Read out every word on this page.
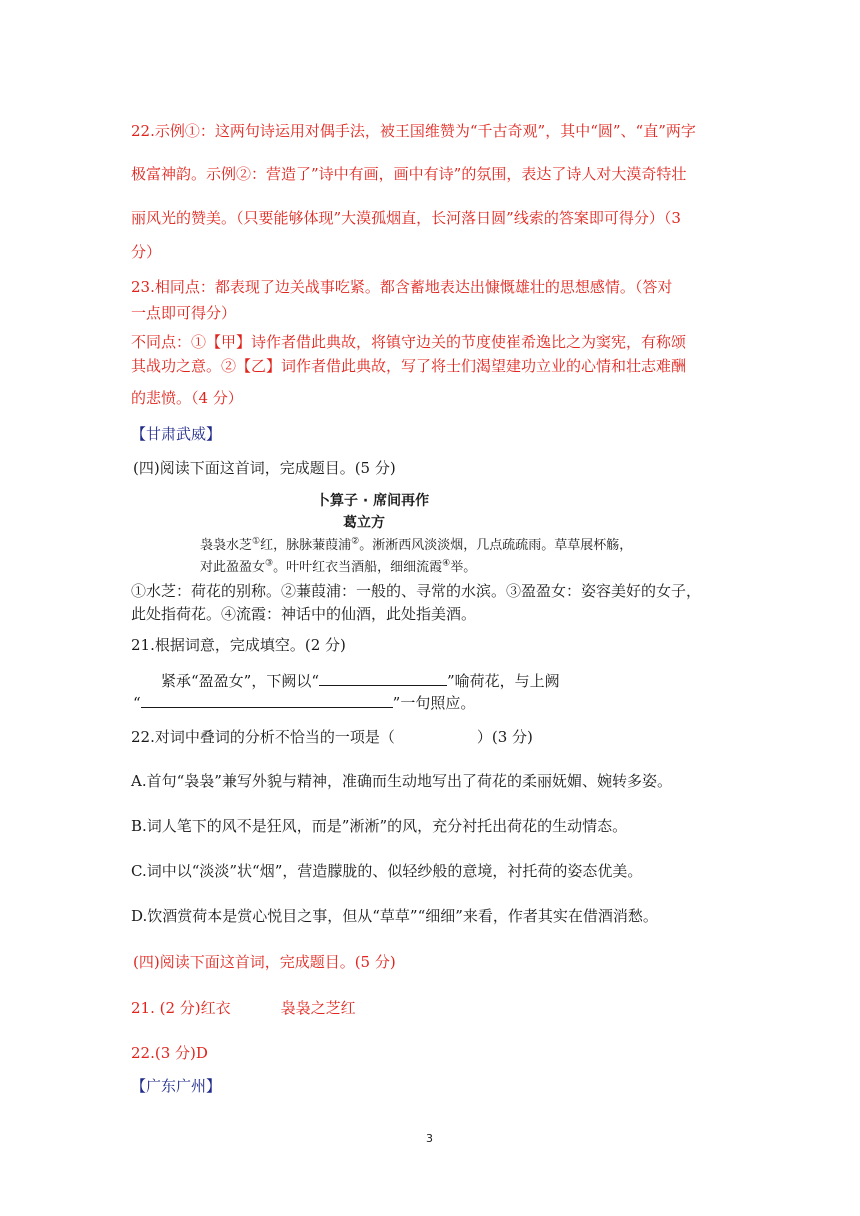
22.示例①：这两句诗运用对偶手法，被王国维赞为“千古奇观”，其中“圆”、“直”两字
极富神韵。示例②：营造了”诗中有画，画中有诗”的氛围，表达了诗人对大漠奇特壮
丽风光的赞美。（只要能够体现”大漠孤烟直，长河落日圆”线索的答案即可得分）（3
分）
23.相同点：都表现了边关战事吃紧。都含蓄地表达出慷慨雄壮的思想感情。（答对
一点即可得分）
不同点：①【甲】诗作者借此典故，将镇守边关的节度使崔希逸比之为窦宪，有称颂
其战功之意。②【乙】词作者借此典故，写了将士们渴望建功立业的心情和壮志难酬
的悲愤。（4 分）
【甘肃武威】
(四)阅读下面这首词，完成题目。(5 分)
卜算子 · 席间再作
葛立方
袅袅水芝①红，脉脉蒹葭浦②。淅淅西风淡淡烟，几点疏疏雨。草草展杯觞，
对此盈盈女③。叶叶红衣当酒船，细细流霞④举。
①水芝：荷花的别称。②蒹葭浦：一般的、寻常的水滨。③盈盈女：姿容美好的女子，
此处指荷花。④流霞：神话中的仙酒，此处指美酒。
21.根据词意，完成填空。(2 分)
紧承“盈盈女”，下阙以“	”喻荷花，与上阙
“	”一句照应。
22.对词中叠词的分析不恰当的一项是（	）(3 分)
A.首句“袅袅”兼写外貌与精神，准确而生动地写出了荷花的柔丽妩媚、婉转多姿。
B.词人笔下的风不是狂风，而是”淅淅”的风，充分衬托出荷花的生动情态。
C.词中以“淡淡”状“烟”，营造朦胧的、似轻纱般的意境，衬托荷的姿态优美。
D.饮酒赏荷本是赏心悦目之事，但从“草草”“细细”来看，作者其实在借酒消愁。
(四)阅读下面这首词，完成题目。(5 分)
21. (2 分)红衣	袅袅之芝红
22.(3 分)D
【广东广州】
3
